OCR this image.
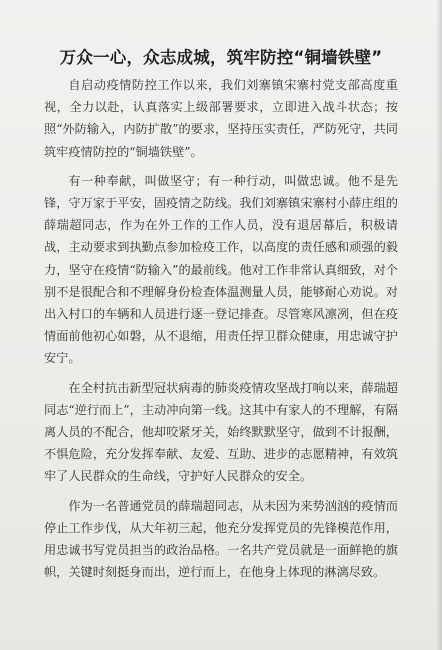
万众一心，众志成城，筑牢防控“铜墙铁壁”

自启动疫情防控工作以来，我们刘寨镇宋寨村党支部高度重视，全力以赴，认真落实上级部署要求，立即进入战斗状态；按照“外防输入，内防扩散”的要求，坚持压实责任，严防死守，共同筑牢疫情防控的“铜墙铁壁”。

有一种奉献，叫做坚守；有一种行动，叫做忠诚。他不是先锋，守万家于平安，固疫情之防线。我们刘寨镇宋寨村小薛庄组的薛瑞超同志，作为在外工作的工作人员，没有退居幕后，积极请战，主动要求到执勤点参加检疫工作，以高度的责任感和顽强的毅力，坚守在疫情“防输入”的最前线。他对工作非常认真细致，对个别不是很配合和不理解身份检查体温测量人员，能够耐心劝说。对出入村口的车辆和人员进行逐一登记排查。尽管寒风凛冽，但在疫情面前他初心如磐，从不退缩，用责任捍卫群众健康，用忠诚守护安宁。

在全村抗击新型冠状病毒的肺炎疫情攻坚战打响以来，薛瑞超同志“逆行而上”，主动冲向第一线。这其中有家人的不理解，有隔离人员的不配合，他却咬紧牙关，始终默默坚守，做到不计报酬，不惧危险，充分发挥奉献、友爱、互助、进步的志愿精神，有效筑牢了人民群众的生命线，守护好人民群众的安全。

作为一名普通党员的薛瑞超同志，从未因为来势汹汹的疫情而停止工作步伐，从大年初三起，他充分发挥党员的先锋模范作用，用忠诚书写党员担当的政治品格。一名共产党员就是一面鲜艳的旗帜，关键时刻挺身而出，逆行而上，在他身上体现的淋漓尽致。
